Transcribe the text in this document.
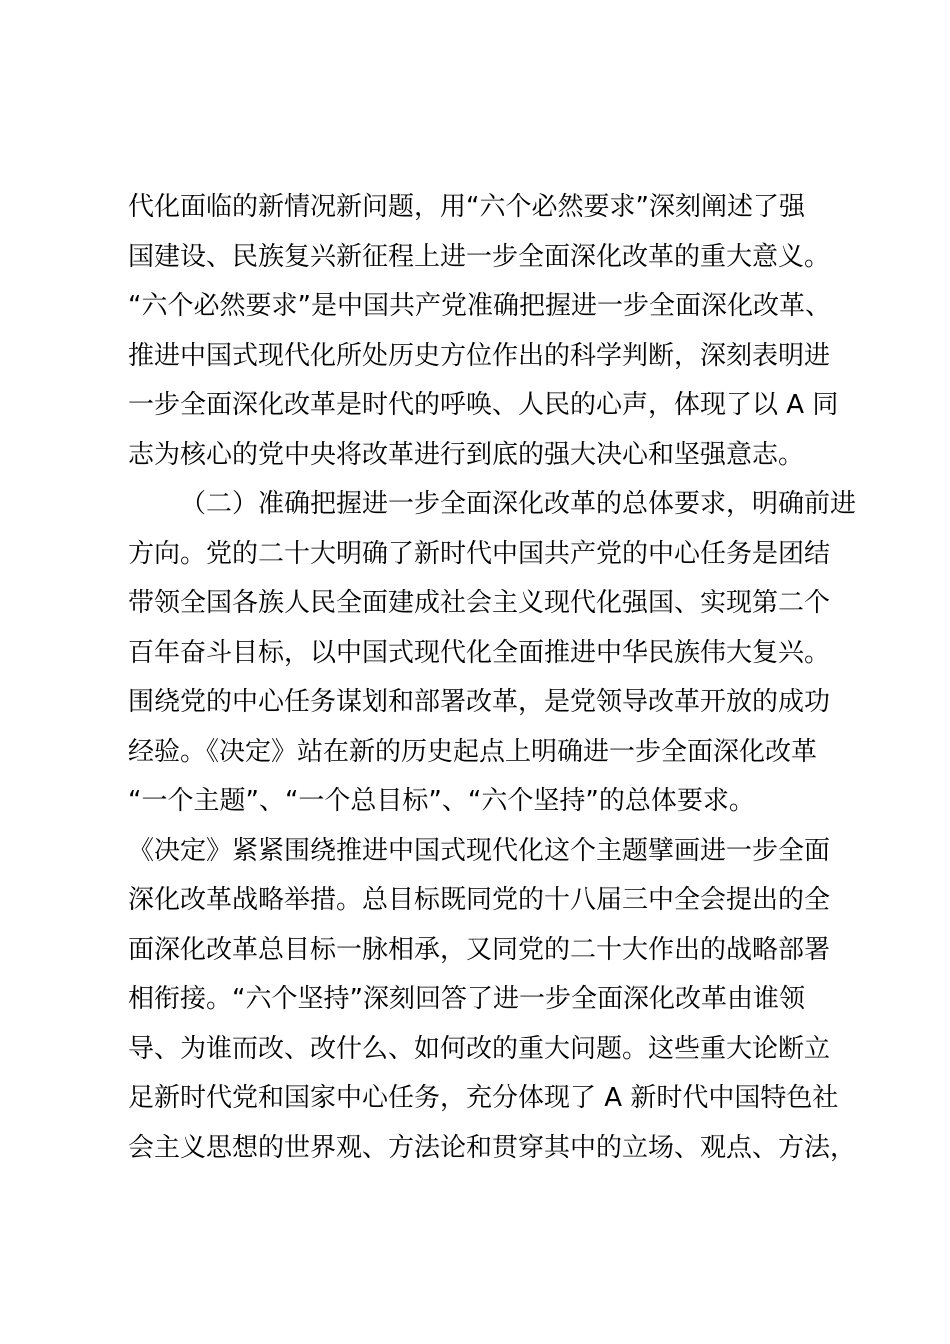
代化面临的新情况新问题，用“六个必然要求”深刻阐述了强
国建设、民族复兴新征程上进一步全面深化改革的重大意义。
“六个必然要求”是中国共产党准确把握进一步全面深化改革、
推进中国式现代化所处历史方位作出的科学判断，深刻表明进
一步全面深化改革是时代的呼唤、人民的心声，体现了以 A 同
志为核心的党中央将改革进行到底的强大决心和坚强意志。
（二）准确把握进一步全面深化改革的总体要求，明确前进
方向。党的二十大明确了新时代中国共产党的中心任务是团结
带领全国各族人民全面建成社会主义现代化强国、实现第二个
百年奋斗目标，以中国式现代化全面推进中华民族伟大复兴。
围绕党的中心任务谋划和部署改革，是党领导改革开放的成功
经验。《决定》站在新的历史起点上明确进一步全面深化改革
“一个主题”、“一个总目标”、“六个坚持”的总体要求。
《决定》紧紧围绕推进中国式现代化这个主题擘画进一步全面
深化改革战略举措。总目标既同党的十八届三中全会提出的全
面深化改革总目标一脉相承，又同党的二十大作出的战略部署
相衔接。“六个坚持”深刻回答了进一步全面深化改革由谁领
导、为谁而改、改什么、如何改的重大问题。这些重大论断立
足新时代党和国家中心任务，充分体现了 A 新时代中国特色社
会主义思想的世界观、方法论和贯穿其中的立场、观点、方法，
